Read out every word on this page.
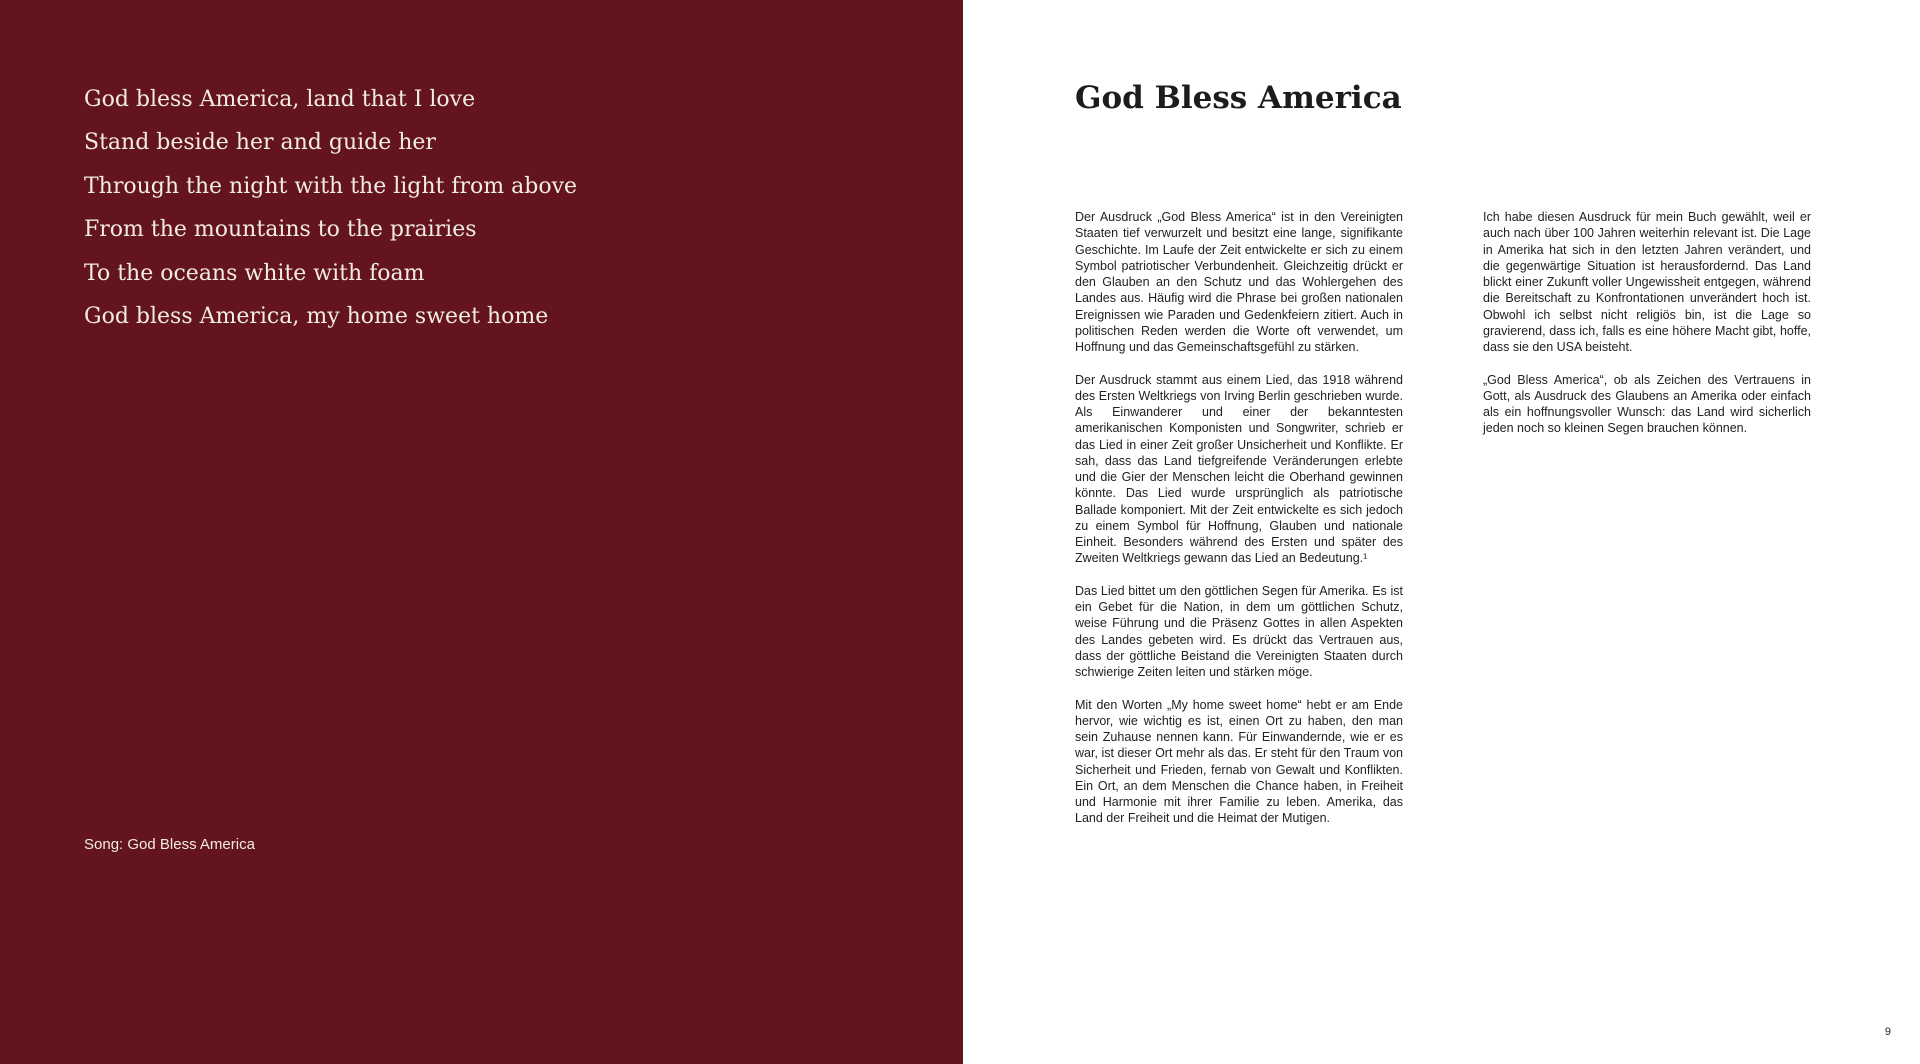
God bless America, land that I love
Stand beside her and guide her
Through the night with the light from above
From the mountains to the prairies
To the oceans white with foam
God bless America, my home sweet home
Song: God Bless America
God Bless America

Der Ausdruck „God Bless America“ ist in den Vereinigten Staaten tief verwurzelt und besitzt eine lange, signifikante Geschichte. Im Laufe der Zeit entwickelte er sich zu einem Symbol patriotischer Verbundenheit. Gleichzeitig drückt er den Glauben an den Schutz und das Wohlergehen des Landes aus. Häufig wird die Phrase bei großen nationalen Ereignissen wie Paraden und Gedenkfeiern zitiert. Auch in politischen Reden werden die Worte oft verwendet, um Hoffnung und das Gemeinschaftsgefühl zu stärken.

Der Ausdruck stammt aus einem Lied, das 1918 während des Ersten Weltkriegs von Irving Berlin geschrieben wurde. Als Einwanderer und einer der bekanntesten amerikanischen Komponisten und Songwriter, schrieb er das Lied in einer Zeit großer Unsicherheit und Konflikte. Er sah, dass das Land tiefgreifende Veränderungen erlebte und die Gier der Menschen leicht die Oberhand gewinnen könnte. Das Lied wurde ursprünglich als patriotische Ballade komponiert. Mit der Zeit entwickelte es sich jedoch zu einem Symbol für Hoffnung, Glauben und nationale Einheit. Besonders während des Ersten und später des Zweiten Weltkriegs gewann das Lied an Bedeutung.¹

Das Lied bittet um den göttlichen Segen für Amerika. Es ist ein Gebet für die Nation, in dem um göttlichen Schutz, weise Führung und die Präsenz Gottes in allen Aspekten des Landes gebeten wird. Es drückt das Vertrauen aus, dass der göttliche Beistand die Vereinigten Staaten durch schwierige Zeiten leiten und stärken möge.

Mit den Worten „My home sweet home“ hebt er am Ende hervor, wie wichtig es ist, einen Ort zu haben, den man sein Zuhause nennen kann. Für Einwandernde, wie er es war, ist dieser Ort mehr als das. Er steht für den Traum von Sicherheit und Frieden, fernab von Gewalt und Konflikten. Ein Ort, an dem Menschen die Chance haben, in Freiheit und Harmonie mit ihrer Familie zu leben. Amerika, das Land der Freiheit und die Heimat der Mutigen.

Ich habe diesen Ausdruck für mein Buch gewählt, weil er auch nach über 100 Jahren weiterhin relevant ist. Die Lage in Amerika hat sich in den letzten Jahren verändert, und die gegenwärtige Situation ist herausfordernd. Das Land blickt einer Zukunft voller Ungewissheit entgegen, während die Bereitschaft zu Konfrontationen unverändert hoch ist. Obwohl ich selbst nicht religiös bin, ist die Lage so gravierend, dass ich, falls es eine höhere Macht gibt, hoffe, dass sie den USA beisteht.

„God Bless America“, ob als Zeichen des Vertrauens in Gott, als Ausdruck des Glaubens an Amerika oder einfach als ein hoffnungsvoller Wunsch: das Land wird sicherlich jeden noch so kleinen Segen brauchen können.

9
